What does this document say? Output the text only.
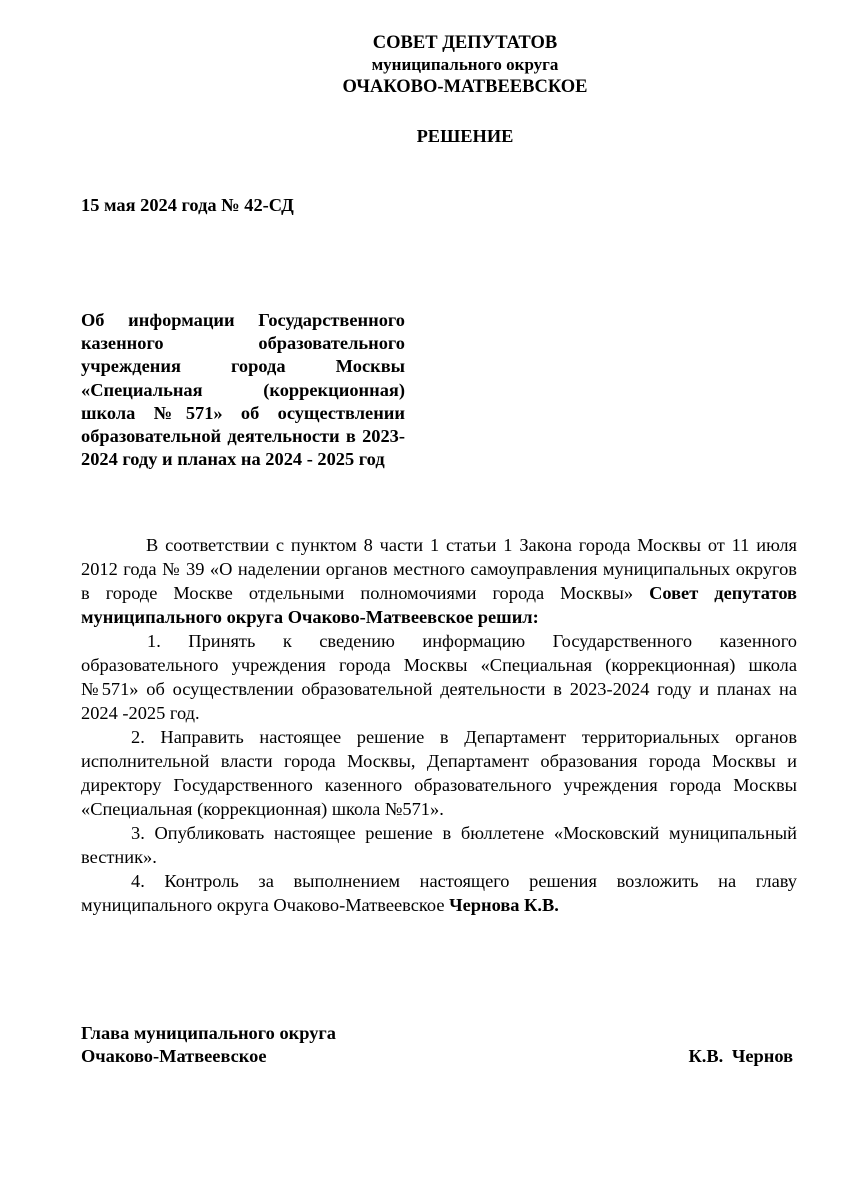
СОВЕТ ДЕПУТАТОВ
муниципального округа
ОЧАКОВО-МАТВЕЕВСКОЕ
РЕШЕНИЕ
15 мая 2024 года № 42-СД
Об информации Государственного казенного образовательного учреждения города Москвы «Специальная (коррекционная) школа №571» об осуществлении образовательной деятельности в 2023-2024 году и планах на 2024 - 2025 год

В соответствии с пунктом 8 части 1 статьи 1 Закона города Москвы от 11 июля 2012 года № 39 «О наделении органов местного самоуправления муниципальных округов в городе Москве отдельными полномочиями города Москвы» Совет депутатов муниципального округа Очаково-Матвеевское решил:

1. Принять к сведению информацию Государственного казенного образовательного учреждения города Москвы «Специальная (коррекционная) школа №571» об осуществлении образовательной деятельности в 2023-2024 году и планах на 2024 -2025 год.

2. Направить настоящее решение в Департамент территориальных органов исполнительной власти города Москвы, Департамент образования города Москвы и директору Государственного казенного образовательного учреждения города Москвы «Специальная (коррекционная) школа №571».

3. Опубликовать настоящее решение в бюллетене «Московский муниципальный вестник».

4. Контроль за выполнением настоящего решения возложить на главу муниципального округа Очаково-Матвеевское Чернова К.В.

Глава муниципального округа
Очаково-Матвеевское	К.В. Чернов
